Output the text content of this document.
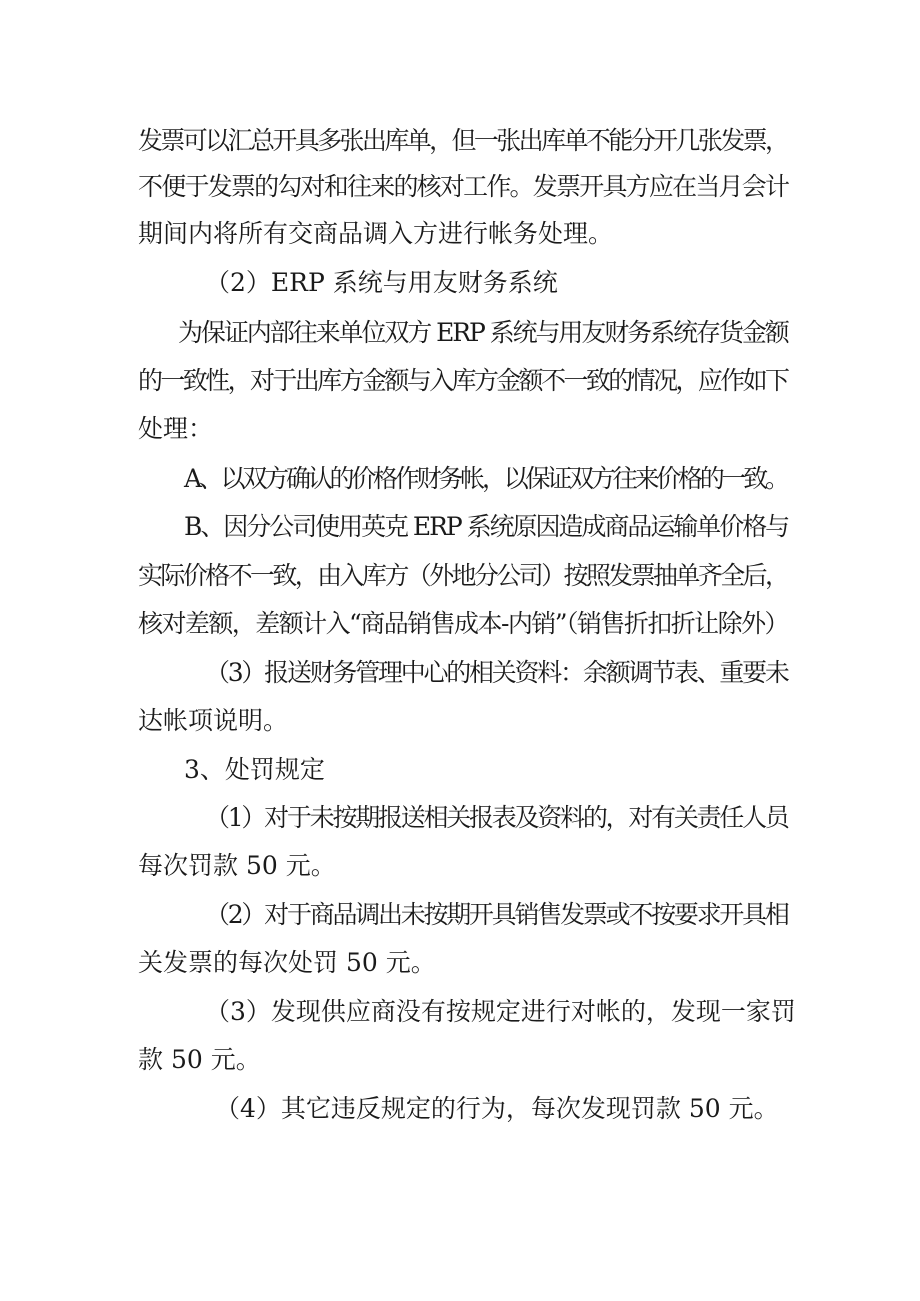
发票可以汇总开具多张出库单，但一张出库单不能分开几张发票，
不便于发票的勾对和往来的核对工作。发票开具方应在当月会计
期间内将所有交商品调入方进行帐务处理。
（2）ERP 系统与用友财务系统
为保证内部往来单位双方 ERP 系统与用友财务系统存货金额
的一致性，对于出库方金额与入库方金额不一致的情况，应作如下
处理：
A、以双方确认的价格作财务帐，以保证双方往来价格的一致。
B、因分公司使用英克 ERP 系统原因造成商品运输单价格与
实际价格不一致，由入库方（外地分公司）按照发票抽单齐全后，
核对差额，差额计入“商品销售成本-内销”（销售折扣折让除外）
（3）报送财务管理中心的相关资料：余额调节表、重要未
达帐项说明。
3、处罚规定
（1）对于未按期报送相关报表及资料的，对有关责任人员
每次罚款 50 元。
（2）对于商品调出未按期开具销售发票或不按要求开具相
关发票的每次处罚 50 元。
（3）发现供应商没有按规定进行对帐的，发现一家罚
款 50 元。
（4）其它违反规定的行为，每次发现罚款 50 元。
